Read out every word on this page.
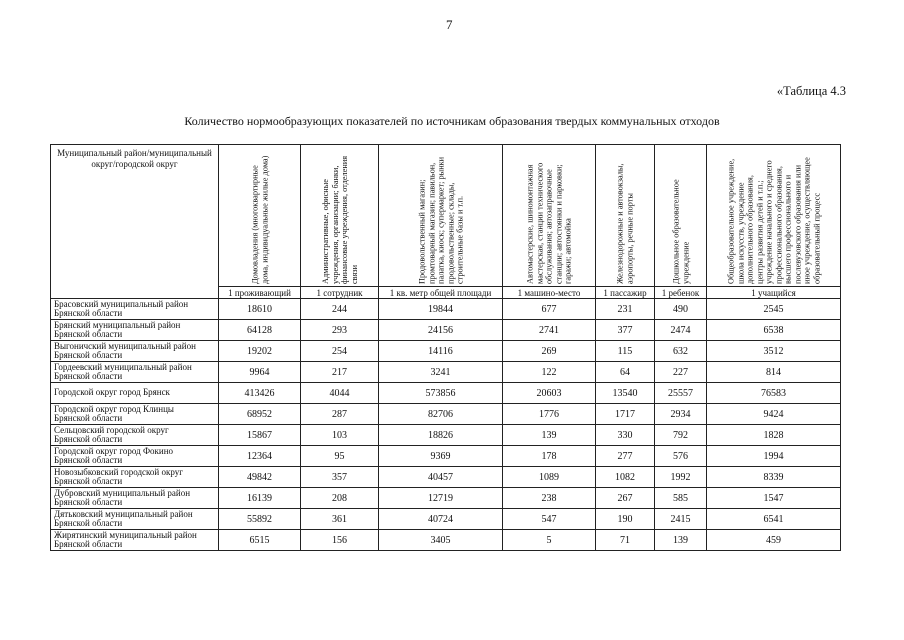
7
«Таблица 4.3
Количество нормообразующих показателей по источникам образования твердых коммунальных отходов
Муниципальный район/муниципальный округ/городской округ	Домовладения (многоквартирные дома, индивидуальные жилые дома)	Административные, офисные учреждения, организации; банки, финансовые учреждения, отделения связи	Продовольственный магазин; промтоварный магазин; павильон, палатка, киоск; супермаркет; рынки продовольственные; склады, строительные базы и т.п.	Автомастерские, шиномонтажная мастерская, станции технического обслуживания; автозаправочные станции; автостоянки и парковки; гаражи; автомойка	Железнодорожные и автовокзалы, аэропорты, речные порты	Дошкольное образовательное учреждение	Общеобразовательное учреждение, школа искусств, учреждение дополнительного образования, центры развития детей и т.п.; учреждение начального и среднего профессионального образования, высшего профессионального и послевузовского образования или иное учреждение, осуществляющее образовательный процесс

	1 проживающий	1 сотрудник	1 кв. метр общей площади	1 машино-место	1 пассажир	1 ребенок	1 учащийся

Брасовский муниципальный район
Брянской области	18610	244	19844	677	231	490	2545

Брянский муниципальный район
Брянской области	64128	293	24156	2741	377	2474	6538

Выгоничский муниципальный район
Брянской области	19202	254	14116	269	115	632	3512

Гордеевский муниципальный район
Брянской области	9964	217	3241	122	64	227	814

Городской округ город Брянск	413426	4044	573856	20603	13540	25557	76583

Городской округ город Клинцы
Брянской области	68952	287	82706	1776	1717	2934	9424

Сельцовский городской округ
Брянской области	15867	103	18826	139	330	792	1828

Городской округ город Фокино
Брянской области	12364	95	9369	178	277	576	1994

Новозыбковский городской округ
Брянской области	49842	357	40457	1089	1082	1992	8339

Дубровский муниципальный район
Брянской области	16139	208	12719	238	267	585	1547

Дятьковский муниципальный район
Брянской области	55892	361	40724	547	190	2415	6541

Жирятинский муниципальный район
Брянской области	6515	156	3405	5	71	139	459
